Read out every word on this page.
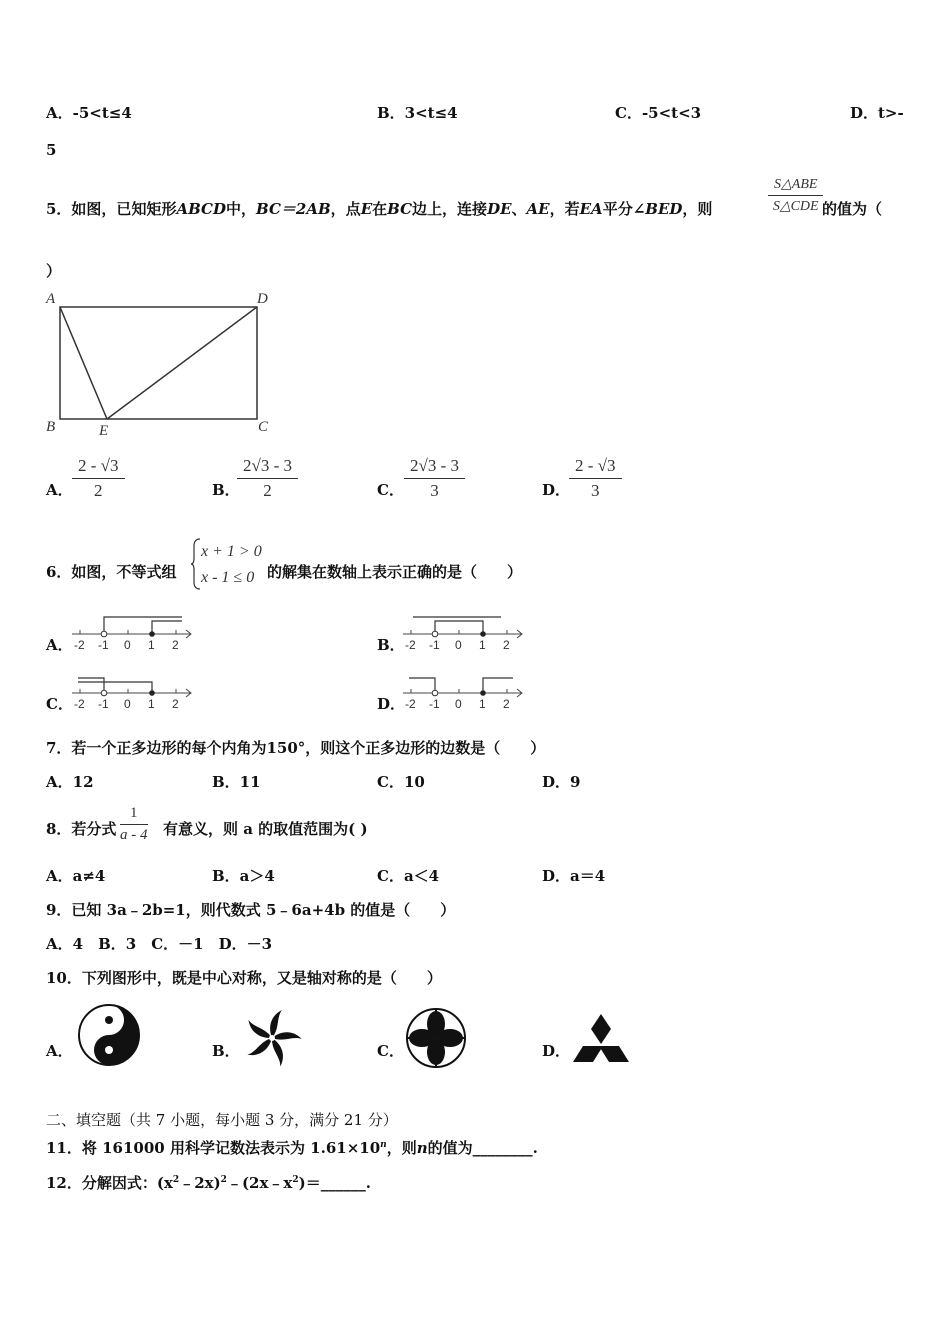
A．-5<t≤4	B．3<t≤4	C．-5<t<3	D．t>-
5
5．如图，已知矩形ABCD中，BC＝2AB，点E在BC边上，连接DE、AE，若EA平分∠BED，则
S△ABE
S△CDE 的值为（
）
A	D
B	E	C
A． $\frac{2 - √3}{2}$	B．
$\frac{2√3 - 3}{2}$	C． $\frac{2√3 - 3}{3}$	D．
$\frac{2 - √3}{3}$
6．如图，不等式组
x + 1 > 0
x - 1 ≤ 0 的解集在数轴上表示正确的是（　　）
A．	B．
C．	D．
-2 -1 0 1 2	-2 -1 0 1 2
-2 -1 0 1 2	-2 -1 0 1 2
7．若一个正多边形的每个内角为150°，则这个正多边形的边数是（　　）
A．12	B．11	C．10	D．9
8．若分式 $\frac{1}{a - 4}$ 有意义，则 a 的取值范围为( )
A．a≠4	B．a＞4	C．a＜4	D．a＝4
9．已知 3a﹣2b=1，则代数式 5﹣6a+4b 的值是（　　）
A．4　B．3　C．－1　D．－3
10．下列图形中，既是中心对称，又是轴对称的是（　　）
A．	B．	C．	D．
二、填空题（共 7 小题，每小题 3 分，满分 21 分）
11．将 161000 用科学记数法表示为 $1.61\times 10^n$，则n的值为________.
12．分解因式：$(x^2﹣2x)^2﹣(2x﹣x^2)=\_\_\_\_\_\_$.
